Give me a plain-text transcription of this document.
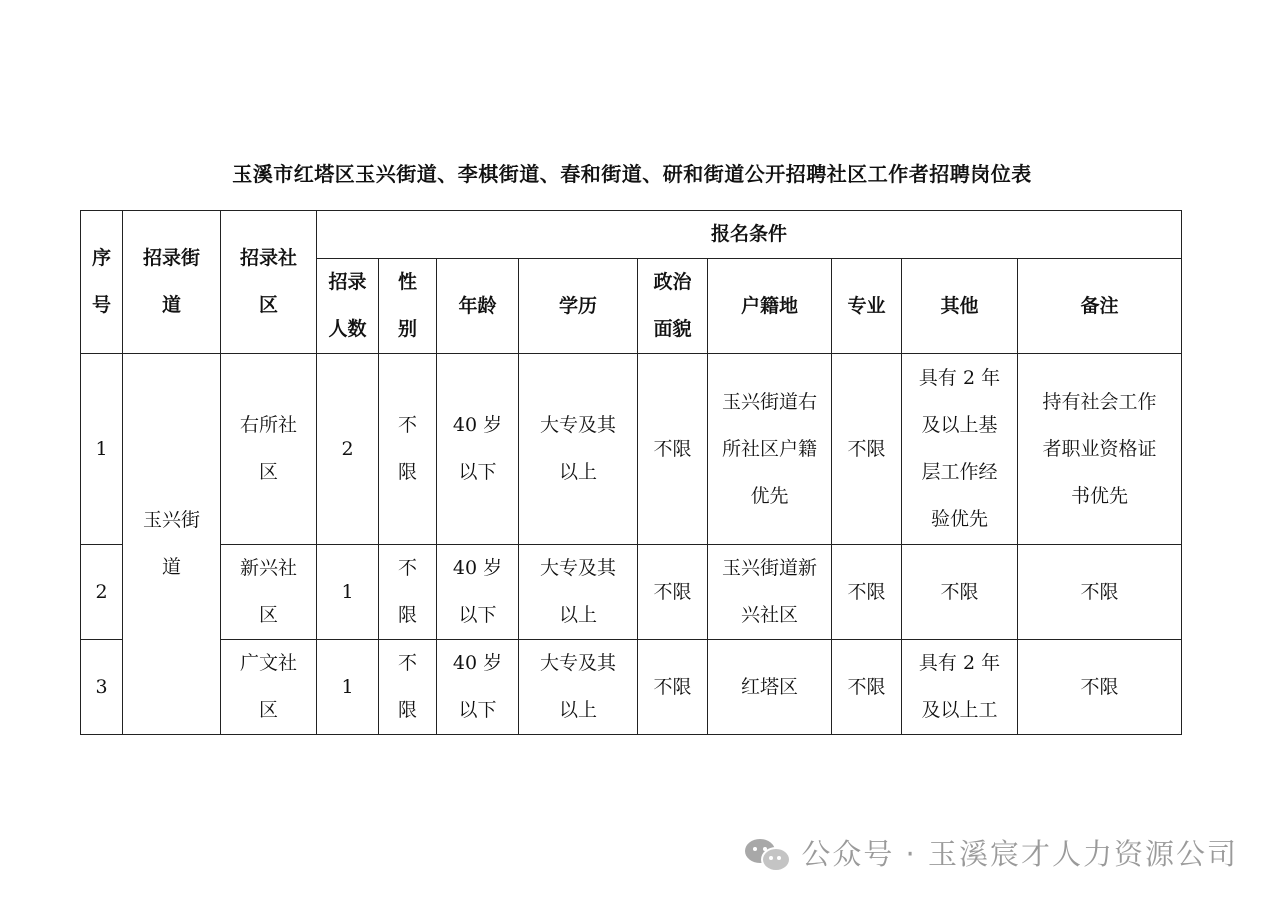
玉溪市红塔区玉兴街道、李棋街道、春和街道、研和街道公开招聘社区工作者招聘岗位表
序号	招录街道	招录社区	报名条件								
			招录人数	性别	年龄	学历	政治面貌	户籍地	专业	其他	备注
1	玉兴街道	右所社区	2	不限	40 岁以下	大专及其以上	不限	玉兴街道右所社区户籍优先	不限	具有 2 年及以上基层工作经验优先	持有社会工作者职业资格证书优先
2		新兴社区	1	不限	40 岁以下	大专及其以上	不限	玉兴街道新兴社区	不限	不限	不限
3		广文社区	1	不限	40 岁以下	大专及其以上	不限	红塔区	不限	具有 2 年及以上工	不限
公众号 · 玉溪宸才人力资源公司
